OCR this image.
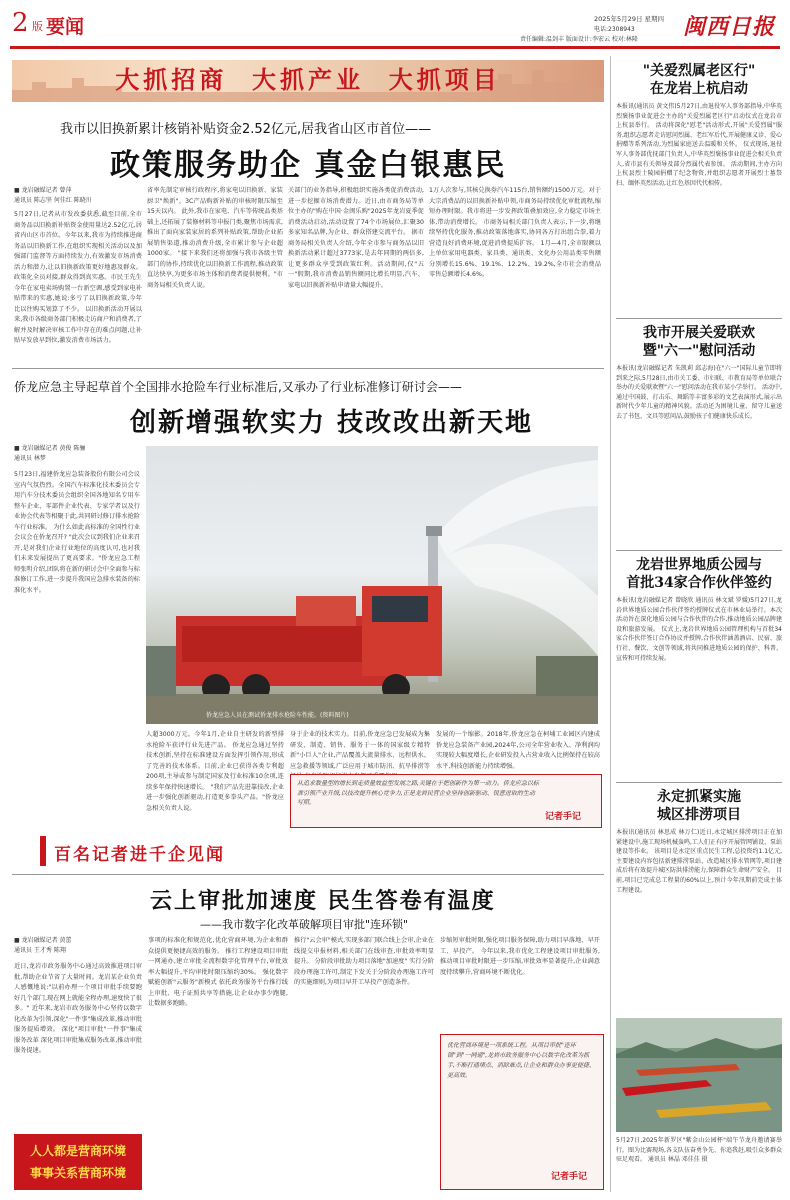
2 版 要闻	2025年5月29日 星期四
电话:2308943
责任编辑:温剑丰 版面设计:李宏云 校对:林隆 闽西日报
大抓招商  大抓产业  大抓项目
我市以旧换新累计核销补贴资金2.52亿元,居我省山区市首位——
政策服务助企 真金白银惠民
■ 龙岩融媒记者 曾萍
通讯员 陈志坚 何佳红 陈晓川
5月27日,记者从市发改委获悉,截至目前,全市商务品以旧换新补贴资金使用量达2.52亿元,居省内山区市首位。今年以来,我市为持续推进商务品以旧换新工作,在组织实现相关活动以及加强部门监督等方面持续发力,有效激发市场消费活力和潜力,让以旧换新政策更好地惠及群众。 政策化全员对接,群众得到真实惠。市民王先生今年在家电卖场购置一台新空调,感受到家电补贴带来的实惠,她说:多亏了以旧换新政策,今年比以往购买划算了不少。 以旧换新活动开展以来,我市各级商务部门积极走访商户和消费者,了解并及时解决审核工作中存在的难点问题,让补贴早发放早到位,激发消费市场活力。
省率先制定审核行政程序,将家电以旧换新、家装厨卫"焕新"、3C产品购新补贴的审核时限压缩至15天以内。 此外,我市在家电、汽车等传统品类基础上,还拓展了装修材料等申报门类,聚焦市场需求,推出了面向家装家居的系列补贴政策,帮助企业拓展销售渠道,推动消费升级,全市累计参与企业超1000家。 "接下来我们还将加强与我市各级主管部门的协作,持续优化以旧换新工作流程,推动政策直达快享,为更多市场主体和消费者提供便利。"市商务局相关负责人说。
关部门的业务指导,积极组织实施各类促消费活动,进一步挖掘市场消费潜力。近日,由市商务局等单位主办的"购在中国·金闽乐购"2025年龙岩夏季促消费活动启动,活动设置了74个市场展位,汇聚30多家知名品牌,为企业、群众搭建交流平台。 据市商务局相关负责人介绍,今年全市参与商务品以旧换新活动累计超过3773家,是去年同期的两倍多,让更多群众享受到政策红利。活动期间,仅"五一"假期,我市消费品销售额同比增长明显,汽车、家电以旧换新补贴申请量大幅提升。
1万人次参与,其核兑换券汽车115台,销售额约1500万元。对于大宗消费品的以旧换新补贴申领,市商务局持续优化审批流程,缩短办理时限。我市将进一步发挥政策叠加效应,全力稳定市场主体,带动消费增长。 市商务局相关部门负责人表示,下一步,将继续坚持优化服务,推动政策落地落实,协同各方打出组合拳,着力营造良好消费环境,促进消费提质扩容。 1月—4月,全市限额以上单位家用电器类、家具类、通讯类、文化办公用品类零售额分别增长15.6%、19.1%、12.2%、19.2%,全市社会消费品零售总额增长4.6%。
侨龙应急主导起草首个全国排水抢险车行业标准后,又承办了行业标准修订研讨会——
创新增强软实力 技改改出新天地
■ 龙岩融媒记者 黄俊 陈骊
通讯员 林梦
5月23日,福建侨龙应急装备股份有限公司会议室内气氛热烈。全国汽车标准化技术委员会专用汽车分技术委员会组织全国各地知名专用车整车企业、零部件企业代表、专家学者以及行业协会代表等相聚于此,共同研讨修订排水抢险车行业标准。 为什么如此高标准的全国性行业会议会在侨龙召开? "此次会议到我们企业来召开,是对我们企业行业地位的高度认可,也对我们未来发展提出了更高要求。"侨龙应急工程师张明介绍,团队将在新的研讨会中全面参与标准修订工作,进一步提升我国应急排水装备的标准化水平。
侨龙应急人员在测试侨龙排水抢险车性能。(资料图片)
人超3000万元。今年1月,企业自主研发的新型排水抢险车获评行业先进产品。 侨龙应急通过坚持技术创新,坚持在标准建设方面发挥引领作用,形成了完善的技术体系。目前,企业已获得各类专利超200项,主导或参与制定国家及行业标准10余项,连续多年保持快速增长。 "我们产品先进靠技改,企业进一步强化创新驱动,打造更多拳头产品。"侨龙应急相关负责人说。
身于企业的技术实力。目前,侨龙应急已发展成为集研发、制造、销售、服务于一体的国家级专精特新"小巨人"企业,产品覆盖大流量排水、远程供水、应急救援等领域,广泛应用于城市防汛、抗旱排涝等
发展的一个缩影。2018年,侨龙应急在柯埔工业园区内建成侨龙应急装备产业园,2024年,公司全年营业收入、净利润均实现较大幅度增长,企业研发投入占营业收入比例保持在较高水平,科技创新能力持续增强。
从追求数量型的增长到走质量效益型发展之路,关键在于把创新作为第一动力。侨龙应急以标准引领产业升级,以技改提升核心竞争力,正是龙岩民营企业坚持创新驱动、锐意进取的生动写照。
记者手记
百名记者进千企见闻
云上审批加速度 民生答卷有温度
——我市数字化改革破解项目审批"连环锁"
■ 龙岩融媒记者 黄蕾
通讯员 王才秀 陈翔
近日,龙岩市政务服务中心通过高效推进项目审批,帮助企业节省了大量时间。龙岩某企业负责人感慨地说:"以前办理一个项目审批手续要跑好几个部门,现在网上就能全程办理,速度快了很多。" 近年来,龙岩市政务服务中心坚持以数字化改革为引领,深化"一件事"集成改革,推动审批服务提质增效。 深化"项目审批"一件事"集成服务改革 深化项目审批集成服务改革,推动审批服务提速。
事项的标准化和规范化,优化营商环境,为企业和群众提供更便捷高效的服务。 推行工程建设项目审批一网通办,建立审批全流程数字化管理平台,审批效率大幅提升,平均审批时限压缩约30%。 强化数字赋能创新"云服务"新模式 依托政务服务平台推行线上审批、电子证照共享等措施,让企业办事少跑腿,让数据多跑路。
推行"云会审"模式,实现多部门联合线上会审,企业在线提交申报材料,相关部门在线审查,审批效率明显提升。 分阶段审批助力项目落地"加速度" 实行分阶段办理施工许可,制定下发关于分阶段办理施工许可的实施细则,为项目早开工早投产创造条件。
步缩短审批时限,强化项目服务保障,助力项目早落地、早开工、早投产。 今年以来,我市优化工程建设项目审批服务,推动项目审批时限进一步压缩,审批效率显著提升,企业满意度持续攀升,营商环境不断优化。
优化营商环境是一项系统工程。从项目审批"连环锁"到"一网通",龙岩市政务服务中心以数字化改革为抓手,不断打通堵点、消除难点,让企业和群众办事更便捷、更高效。
记者手记
人人都是营商环境
事事关系营商环境
"关爱烈属老区行"
在龙岩上杭启动
本报讯(通讯员 黄文伟)5月27日,由退役军人事务部指导,中华英烈褒扬事业促进会主办的"关爱烈属老区行"启动仪式在龙岩市上杭县举行。 活动将深化"慰老"活动形式,开展"关爱烈属"服务,组织志愿者走访慰问烈属、老红军后代,开展健康义诊、爱心捐赠等系列活动,为烈属家庭送去温暖和关怀。 仪式现场,退役军人事务部优抚部门负责人,中华英烈褒扬事业促进会相关负责人,省市县有关领导及部分烈属代表参加。 活动期间,主办方向上杭县烈士陵园捐赠了纪念物资,并组织志愿者开展烈士墓祭扫、缅怀英烈活动,让红色基因代代相传。
我市开展关爱联欢
暨"六一"慰问活动
本报讯(龙岩融媒记者 朱凯莉 邱志海)在"六一"国际儿童节即将到来之际,5月28日,由市关工委、市妇联、市教育局等单位联合举办的关爱联欢暨"六一"慰问活动在我市某小学举行。 活动中,通过中国鼓、打击乐、舞蹈等丰富多彩的文艺表演形式,展示出新时代少年儿童的精神风貌。活动还为困境儿童、留守儿童送去了书包、文具等慰问品,鼓励孩子们健康快乐成长。
龙岩世界地质公园与
首批34家合作伙伴签约
本报讯(龙岩融媒记者 曾晓欣 通讯员 林文斌 罗媛)5月27日,龙岩世界地质公园合作伙伴签约授牌仪式在市林业局举行。本次活动旨在深化地质公园与合作伙伴的合作,推动地质公园品牌建设和旅游发展。 仪式上,龙岩世界地质公园管理机构与首批34家合作伙伴签订合作协议并授牌,合作伙伴涵盖酒店、民宿、旅行社、餐饮、文创等领域,将共同推进地质公园的保护、科普、宣传和可持续发展。
永定抓紧实施
城区排涝项目
本报讯(通讯员 林思成 林万仁)近日,永定城区排涝项目正在加紧建设中,施工现场机械轰鸣,工人们正有序开展管网铺设、泵站建设等作业。 该项目是永定区重点民生工程,总投资约1.1亿元,主要建设内容包括新建排涝泵站、改造城区排水管网等,项目建成后将有效提升城区防洪排涝能力,保障群众生命财产安全。 目前,项目已完成总工程量的60%以上,预计今年汛期前完成主体工程建设。
5月27日,2025年新罗区"紫金山公园杯"端午节龙舟邀请赛举行。图为比赛现场,各支队伍奋勇争先、你追我赶,吸引众多群众驻足观看。 通讯员 林晶 邓佳佳 摄
